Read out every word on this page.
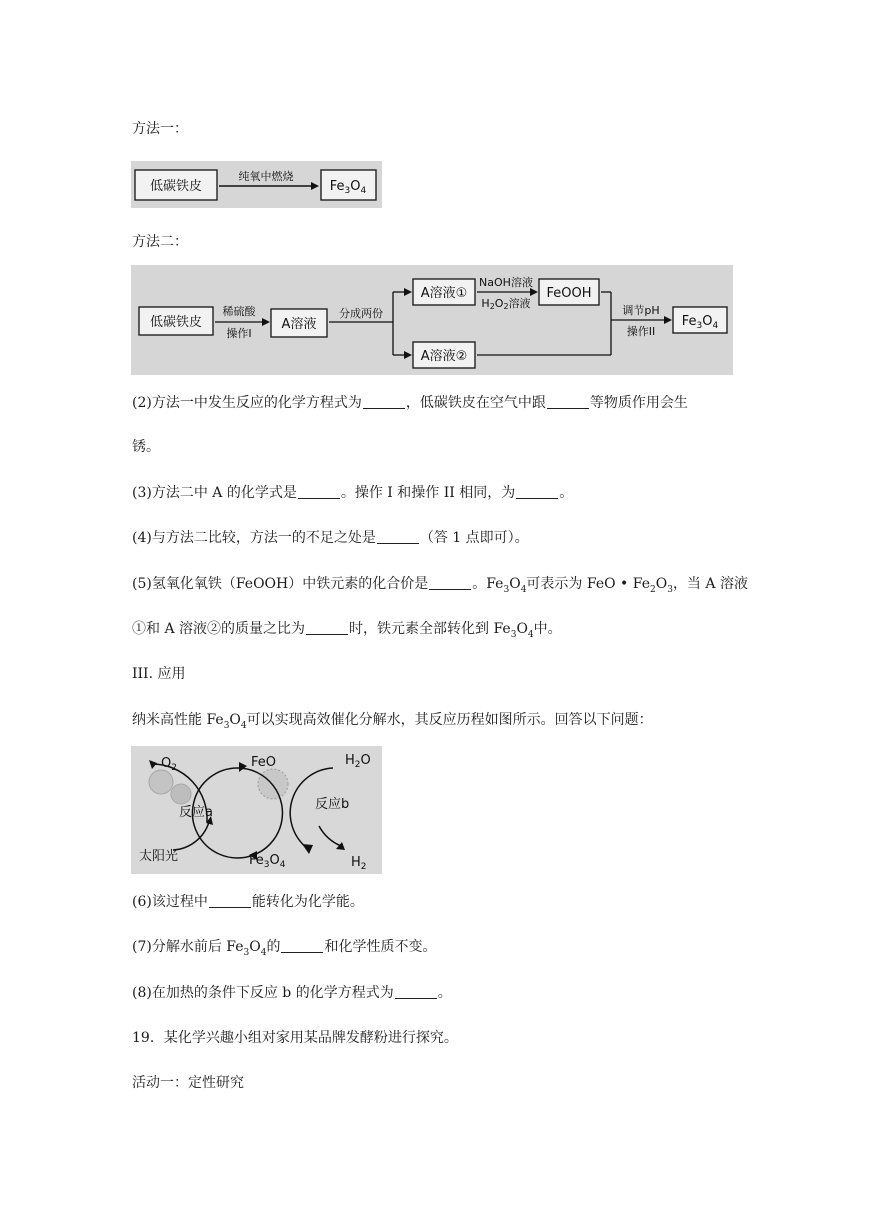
方法一：
低碳铁皮
纯氧中燃烧
$Fe_3O_4$
方法二：
低碳铁皮
稀硫酸
操作I
A溶液
分成两份
A溶液①
A溶液②
NaOH溶液
H2O2溶液
FeOOH
调节pH
操作II
$Fe_3O_4$
(2)方法一中发生反应的化学方程式为	，低碳铁皮在空气中跟	等物质作用会生
锈。
(3)方法二中 A 的化学式是	。操作 I 和操作 II 相同，为	。
(4)与方法二比较，方法一的不足之处是	（答 1 点即可）。
(5)氢氧化氧铁（FeOOH）中铁元素的化合价是	。$Fe_3O_4$可表示为 FeO • $Fe_2O_3$，当 A 溶液
①和 A 溶液②的质量之比为	时，铁元素全部转化到 $Fe_3O_4$中。
III. 应用
纳米高性能 $Fe_3O_4$可以实现高效催化分解水，其反应历程如图所示。回答以下问题：
$O_2$	FeO	$H_2O$
反应a
反应b
太阳光	$Fe_3O_4$	$H_2$
(6)该过程中	能转化为化学能。
(7)分解水前后 $Fe_3O_4$的	和化学性质不变。
(8)在加热的条件下反应 b 的化学方程式为	。
19．某化学兴趣小组对家用某品牌发酵粉进行探究。
活动一：定性研究
